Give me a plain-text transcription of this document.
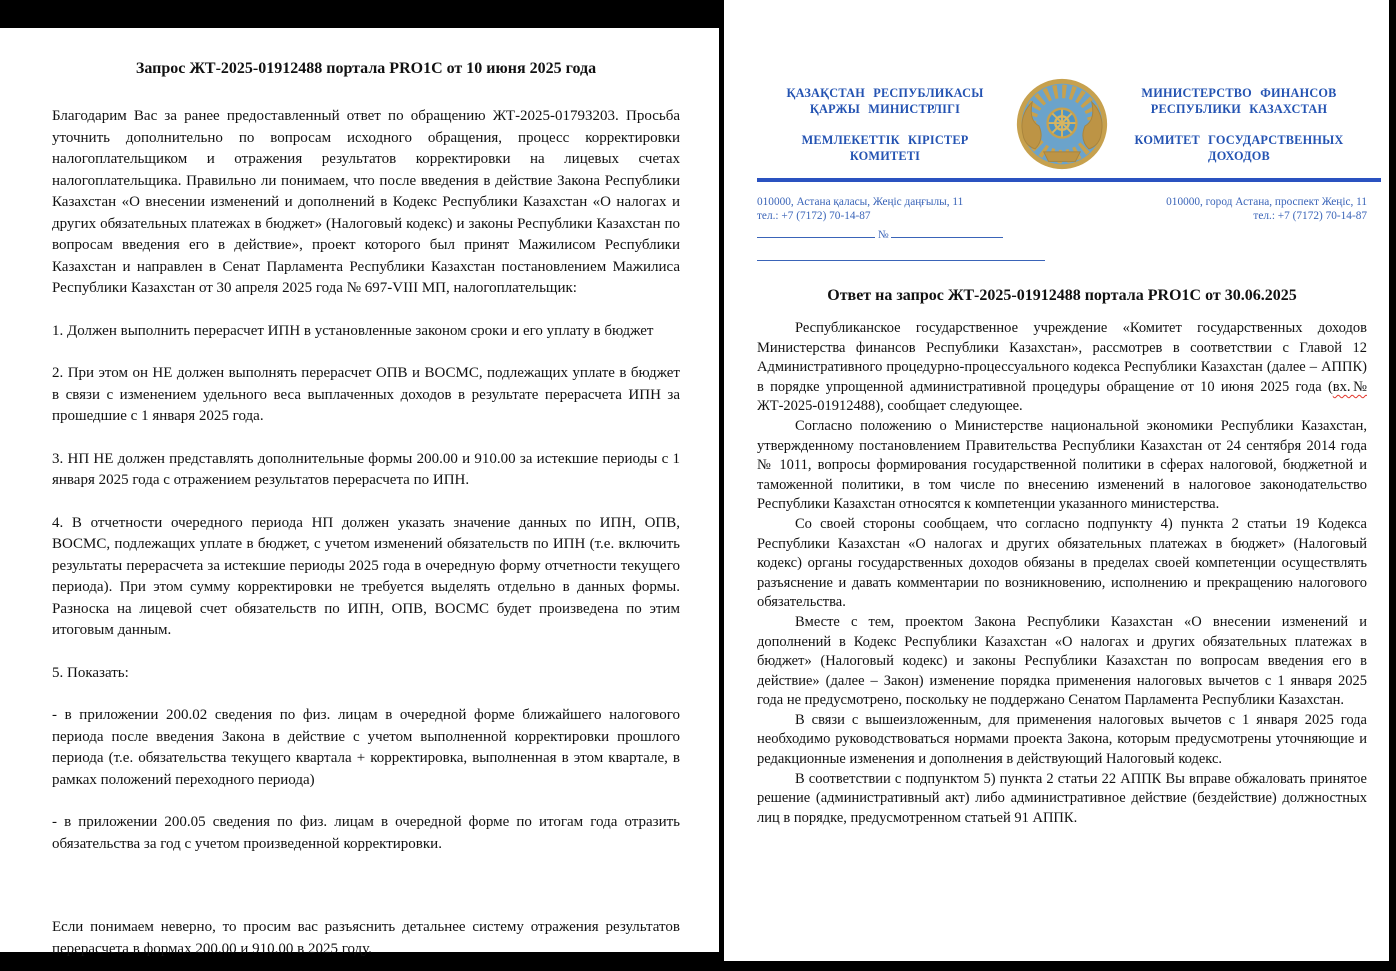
Запрос ЖТ-2025-01912488 портала PRO1C от 10 июня 2025 года

Благодарим Вас за ранее предоставленный ответ по обращению ЖТ-2025-01793203. Просьба уточнить дополнительно по вопросам исходного обращения, процесс корректировки налогоплательщиком и отражения результатов корректировки на лицевых счетах налогоплательщика. Правильно ли понимаем, что после введения в действие Закона Республики Казахстан «О внесении изменений и дополнений в Кодекс Республики Казахстан «О налогах и других обязательных платежах в бюджет» (Налоговый кодекс) и законы Республики Казахстан по вопросам введения его в действие», проект которого был принят Мажилисом Республики Казахстан и направлен в Сенат Парламента Республики Казахстан постановлением Мажилиса Республики Казахстан от 30 апреля 2025 года № 697-VIII МП, налогоплательщик:

1. Должен выполнить перерасчет ИПН в установленные законом сроки и его уплату в бюджет

2. При этом он НЕ должен выполнять перерасчет ОПВ и ВОСМС, подлежащих уплате в бюджет в связи с изменением удельного веса выплаченных доходов в результате перерасчета ИПН за прошедшие с 1 января 2025 года.

3. НП НЕ должен представлять дополнительные формы 200.00 и 910.00 за истекшие периоды с 1 января 2025 года с отражением результатов перерасчета по ИПН.

4. В отчетности очередного периода НП должен указать значение данных по ИПН, ОПВ, ВОСМС, подлежащих уплате в бюджет, с учетом изменений обязательств по ИПН (т.е. включить результаты перерасчета за истекшие периоды 2025 года в очередную форму отчетности текущего периода). При этом сумму корректировки не требуется выделять отдельно в данных формы. Разноска на лицевой счет обязательств по ИПН, ОПВ, ВОСМС будет произведена по этим итоговым данным.

5. Показать:

- в приложении 200.02 сведения по физ. лицам в очередной форме ближайшего налогового периода после введения Закона в действие с учетом выполненной корректировки прошлого периода (т.е. обязательства текущего квартала + корректировка, выполненная в этом квартале, в рамках положений переходного периода)

- в приложении 200.05 сведения по физ. лицам в очередной форме по итогам года отразить обязательства за год с учетом произведенной корректировки.

Если понимаем неверно, то просим вас разъяснить детальнее систему отражения результатов перерасчета в формах 200.00 и 910.00 в 2025 году.

ҚАЗАҚСТАН РЕСПУБЛИКАСЫ
ҚАРЖЫ МИНИСТРЛІГІ
МЕМЛЕКЕТТІК КІРІСТЕР
КОМИТЕТІ
МИНИСТЕРСТВО ФИНАНСОВ
РЕСПУБЛИКИ КАЗАХСТАН
КОМИТЕТ ГОСУДАРСТВЕННЫХ
ДОХОДОВ
010000, Астана қаласы, Жеңіс даңғылы, 11
тел.: +7 (7172) 70-14-87
№
010000, город Астана, проспект Жеңіс, 11
тел.: +7 (7172) 70-14-87
Ответ на запрос ЖТ-2025-01912488 портала PRO1C от 30.06.2025

Республиканское государственное учреждение «Комитет государственных доходов Министерства финансов Республики Казахстан», рассмотрев в соответствии с Главой 12 Административного процедурно-процессуального кодекса Республики Казахстан (далее – АППК) в порядке упрощенной административной процедуры обращение от 10 июня 2025 года (вх.№ ЖТ-2025-01912488), сообщает следующее.

Согласно положению о Министерстве национальной экономики Республики Казахстан, утвержденному постановлением Правительства Республики Казахстан от 24 сентября 2014 года № 1011, вопросы формирования государственной политики в сферах налоговой, бюджетной и таможенной политики, в том числе по внесению изменений в налоговое законодательство Республики Казахстан относятся к компетенции указанного министерства.

Со своей стороны сообщаем, что согласно подпункту 4) пункта 2 статьи 19 Кодекса Республики Казахстан «О налогах и других обязательных платежах в бюджет» (Налоговый кодекс) органы государственных доходов обязаны в пределах своей компетенции осуществлять разъяснение и давать комментарии по возникновению, исполнению и прекращению налогового обязательства.

Вместе с тем, проектом Закона Республики Казахстан «О внесении изменений и дополнений в Кодекс Республики Казахстан «О налогах и других обязательных платежах в бюджет» (Налоговый кодекс) и законы Республики Казахстан по вопросам введения его в действие» (далее – Закон) изменение порядка применения налоговых вычетов с 1 января 2025 года не предусмотрено, поскольку не поддержано Сенатом Парламента Республики Казахстан.

В связи с вышеизложенным, для применения налоговых вычетов с 1 января 2025 года необходимо руководствоваться нормами проекта Закона, которым предусмотрены уточняющие и редакционные изменения и дополнения в действующий Налоговый кодекс.

В соответствии с подпунктом 5) пункта 2 статьи 22 АППК Вы вправе обжаловать принятое решение (административный акт) либо административное действие (бездействие) должностных лиц в порядке, предусмотренном статьей 91 АППК.
